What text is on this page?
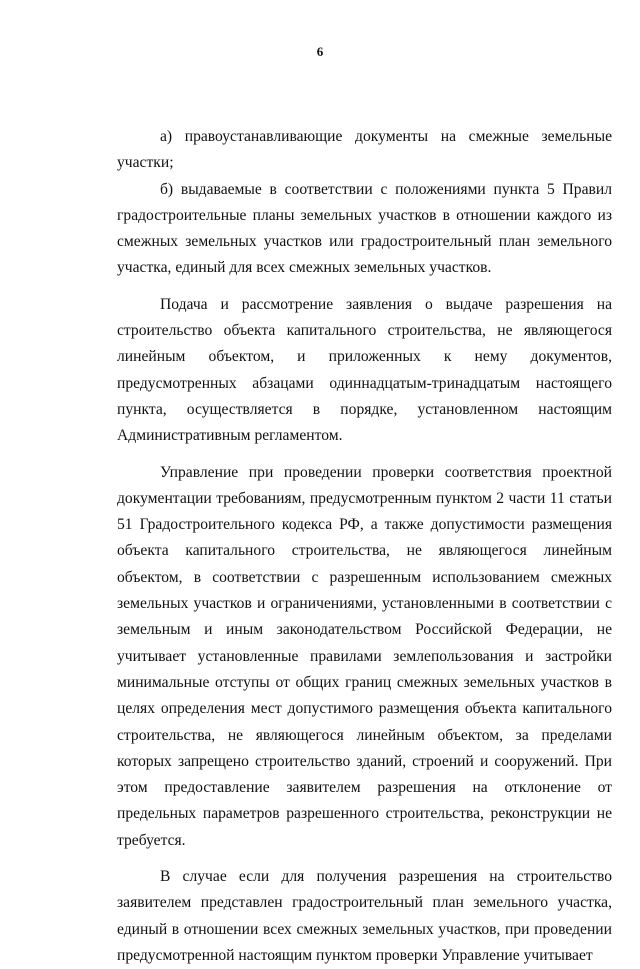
6

а) правоустанавливающие документы на смежные земельные участки;

б) выдаваемые в соответствии с положениями пункта 5 Правил градостроительные планы земельных участков в отношении каждого из смежных земельных участков или градостроительный план земельного участка, единый для всех смежных земельных участков.

Подача и рассмотрение заявления о выдаче разрешения на строительство объекта капитального строительства, не являющегося линейным объектом, и приложенных к нему документов, предусмотренных абзацами одиннадцатым-тринадцатым настоящего пункта, осуществляется в порядке, установленном настоящим Административным регламентом.

Управление при проведении проверки соответствия проектной документации требованиям, предусмотренным пунктом 2 части 11 статьи 51 Градостроительного кодекса РФ, а также допустимости размещения объекта капитального строительства, не являющегося линейным объектом, в соответствии с разрешенным использованием смежных земельных участков и ограничениями, установленными в соответствии с земельным и иным законодательством Российской Федерации, не учитывает установленные правилами землепользования и застройки минимальные отступы от общих границ смежных земельных участков в целях определения мест допустимого размещения объекта капитального строительства, не являющегося линейным объектом, за пределами которых запрещено строительство зданий, строений и сооружений. При этом предоставление заявителем разрешения на отклонение от предельных параметров разрешенного строительства, реконструкции не требуется.

В случае если для получения разрешения на строительство заявителем представлен градостроительный план земельного участка, единый в отношении всех смежных земельных участков, при проведении предусмотренной настоящим пунктом проверки Управление учитывает
